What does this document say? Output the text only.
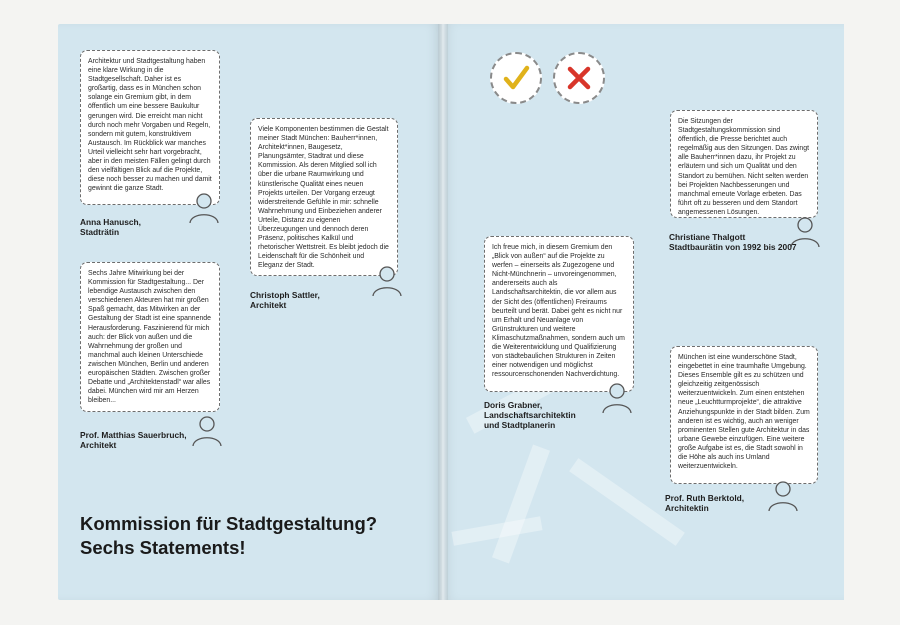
Architektur und Stadtgestaltung haben eine klare Wirkung in die Stadtgesellschaft. Daher ist es großartig, dass es in München schon solange ein Gremium gibt, in dem öffentlich um eine bessere Baukultur gerungen wird. Die erreicht man nicht durch noch mehr Vorgaben und Regeln, sondern mit gutem, konstruktivem Austausch. Im Rückblick war manches Urteil vielleicht sehr hart vorgebracht, aber in den meisten Fällen gelingt durch den vielfältigen Blick auf die Projekte, diese noch besser zu machen und damit gewinnt die ganze Stadt.
Anna Hanusch,
Stadträtin
Viele Komponenten bestimmen die Gestalt meiner Stadt München: Bauherr*innen, Architekt*innen, Baugesetz, Planungsämter, Stadtrat und diese Kommission. Als deren Mitglied soll ich über die urbane Raumwirkung und künstlerische Qualität eines neuen Projekts urteilen. Der Vorgang erzeugt widerstreitende Gefühle in mir: schnelle Wahrnehmung und Einbeziehen anderer Urteile, Distanz zu eigenen Überzeugungen und dennoch deren Präsenz, politisches Kalkül und rhetorischer Wettstreit. Es bleibt jedoch die Leidenschaft für die Schönheit und Eleganz der Stadt.
Christoph Sattler,
Architekt
Sechs Jahre Mitwirkung bei der Kommission für Stadtgestaltung... Der lebendige Austausch zwischen den verschiedenen Akteuren hat mir großen Spaß gemacht, das Mitwirken an der Gestaltung der Stadt ist eine spannende Herausforderung. Faszinierend für mich auch: der Blick von außen und die Wahrnehmung der großen und manchmal auch kleinen Unterschiede zwischen München, Berlin und anderen europäischen Städten. Zwischen großer Debatte und „Architektenstadl“ war alles dabei. München wird mir am Herzen bleiben...
Prof. Matthias Sauerbruch,
Architekt
Kommission für Stadtgestaltung?
Sechs Statements!
Ich freue mich, in diesem Gremium den „Blick von außen“ auf die Projekte zu werfen – einerseits als Zugezogene und Nicht-Münchnerin – unvoreingenommen, andererseits auch als Landschaftsarchitektin, die vor allem aus der Sicht des (öffentlichen) Freiraums beurteilt und berät. Dabei geht es nicht nur um Erhalt und Neuanlage von Grünstrukturen und weitere Klimaschutzmaßnahmen, sondern auch um die Weiterentwicklung und Qualifizierung von städtebaulichen Strukturen in Zeiten einer notwendigen und möglichst ressourcenschonenden Nachverdichtung.
Doris Grabner,
Landschaftsarchitektin
und Stadtplanerin
Die Sitzungen der Stadtgestaltungskommission sind öffentlich, die Presse berichtet auch regelmäßig aus den Sitzungen. Das zwingt alle Bauherr*innen dazu, ihr Projekt zu erläutern und sich um Qualität und den Standort zu bemühen. Nicht selten werden bei Projekten Nachbesserungen und manchmal erneute Vorlage erbeten. Das führt oft zu besseren und dem Standort angemessenen Lösungen.
Christiane Thalgott
Stadtbaurätin von 1992 bis 2007
München ist eine wunderschöne Stadt, eingebettet in eine traumhafte Umgebung. Dieses Ensemble gilt es zu schützen und gleichzeitig zeitgenössisch weiterzuentwickeln. Zum einen entstehen neue „Leuchtturmprojekte“, die attraktive Anziehungspunkte in der Stadt bilden. Zum anderen ist es wichtig, auch an weniger prominenten Stellen gute Architektur in das urbane Gewebe einzufügen. Eine weitere große Aufgabe ist es, die Stadt sowohl in die Höhe als auch ins Umland weiterzuentwickeln.
Prof. Ruth Berktold,
Architektin
